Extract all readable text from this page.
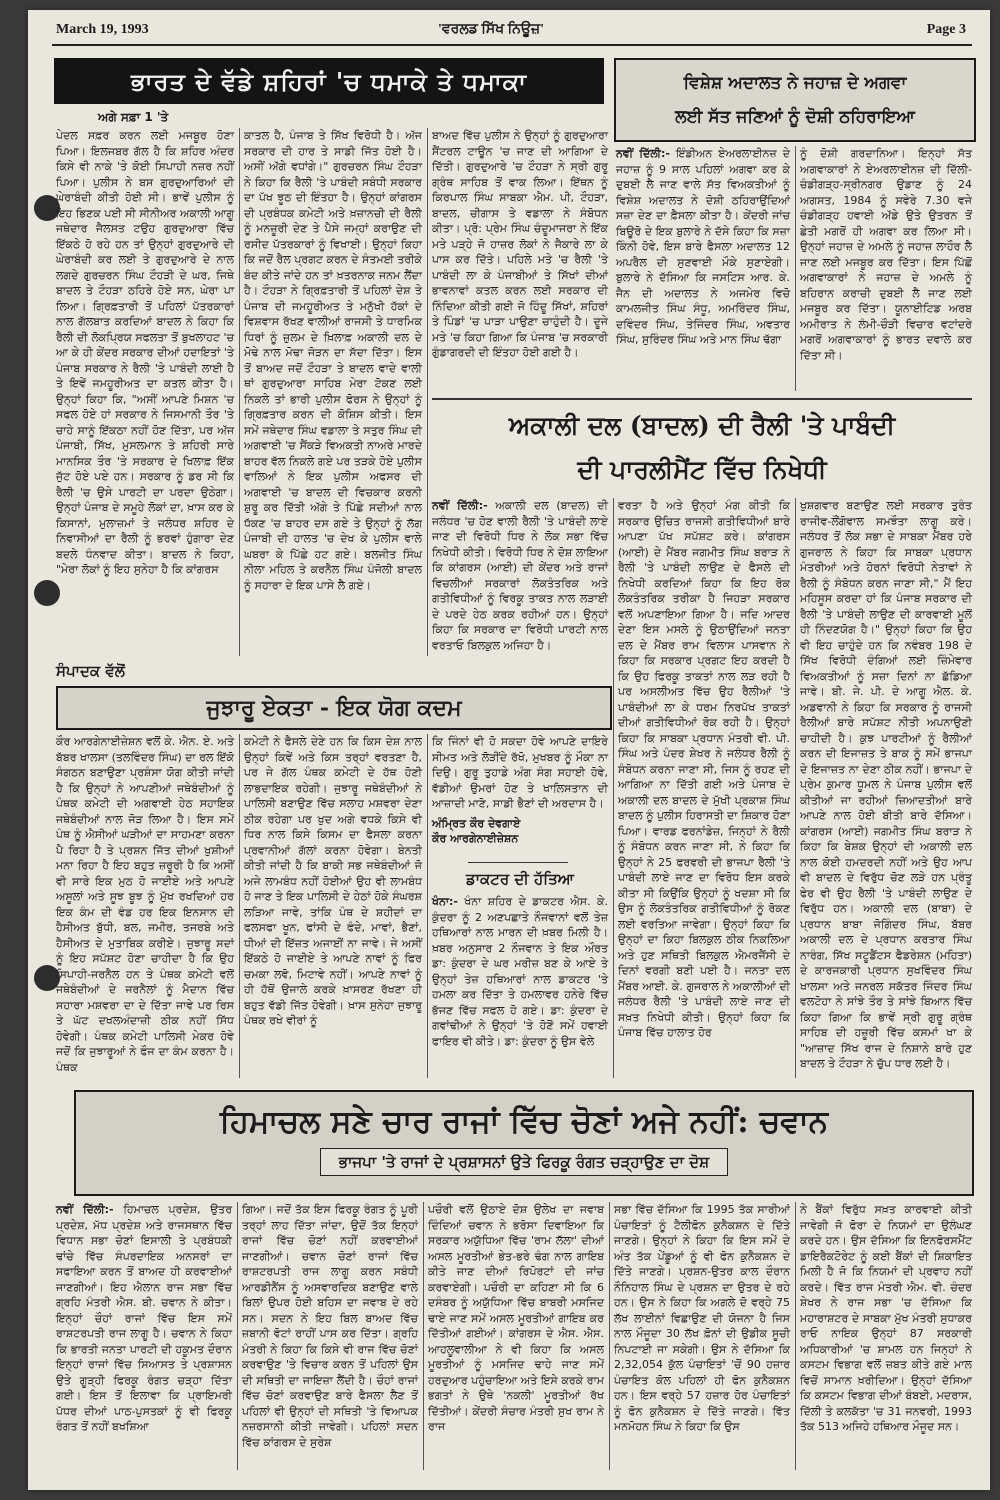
March 19, 1993	'ਵਰਲਡ ਸਿੱਖ ਨਿਊਜ਼'	Page 3
ਭਾਰਤ ਦੇ ਵੱਡੇ ਸ਼ਹਿਰਾਂ 'ਚ ਧਮਾਕੇ ਤੇ ਧਮਾਕਾ
ਅਗੇ ਸਫ਼ਾ 1 'ਤੇ
ਪੇਦਲ ਸਫ਼ਰ ਕਰਨ ਲਈ ਮਜਬੂਰ ਹੋਣਾ ਪਿਆ। ਇਲਜਬਰ ਗੱਲ ਹੈ ਕਿ ਸ਼ਹਿਰ ਅੰਦਰ ਕਿਸੇ ਵੀ ਨਾਕੇ 'ਤੇ ਕੋਈ ਸਿਪਾਹੀ ਨਜ਼ਰ ਨਹੀਂ ਪਿਆ। ਪੁਲੀਸ ਨੇ ਬਸ ਗੁਰਦੁਆਰਿਆਂ ਦੀ ਘੇਰਾਬੰਦੀ ਕੀਤੀ ਹੋਈ ਸੀ। ਭਾਵੇਂ ਪੁਲੀਸ ਨੂੰ ਇਹ ਭਿਣਕ ਪਈ ਸੀ ਸੀਨੀਅਰ ਅਕਾਲੀ ਆਗੂ ਜਥੇਦਾਰ ਜੈਲਸਤ ਟਉਹ ਗੁਰਦੁਆਰਾ ਵਿੱਚ ਇੱਕਠੇ ਹੋ ਰਹੇ ਹਨ ਤਾਂ ਉਨ੍ਹਾਂ ਗੁਰਦੁਆਰੇ ਦੀ ਘੇਰਾਬੰਦੀ ਕਰ ਲਈ ਤੇ ਗੁਰਦੁਆਰੇ ਦੇ ਨਾਲ ਲਗਦੇ ਗੁਰਚਰਨ ਸਿੰਘ ਟੌਹੜੀ ਦੇ ਘਰ, ਜਿਥੇ ਬਾਦਲ ਤੇ ਟੌਹੜਾ ਠਹਿਰੇ ਹੋਏ ਸਨ, ਘੇਰਾ ਪਾ ਲਿਆ। ਗ੍ਰਿਫ਼ਤਾਰੀ ਤੋਂ ਪਹਿਲਾਂ ਪੱਤਰਕਾਰਾਂ ਨਾਲ ਗੱਲਬਾਤ ਕਰਦਿਆਂ ਬਾਦਲ ਨੇ ਕਿਹਾ ਕਿ ਰੈਲੀ ਦੀ ਲੋਕਪ੍ਰਿਯ ਸਫਲਤਾ ਤੋਂ ਬੁਖਲਾਹਟ 'ਚ ਆ ਕੇ ਹੀ ਕੇਂਦਰ ਸਰਕਾਰ ਦੀਆਂ ਹਦਾਇਤਾਂ 'ਤੇ ਪੰਜਾਬ ਸਰਕਾਰ ਨੇ ਰੈਲੀ 'ਤੇ ਪਾਬੰਦੀ ਲਾਈ ਹੈ ਤੇ ਇਵੇਂ ਜਮਹੂਰੀਅਤ ਦਾ ਕਤਲ ਕੀਤਾ ਹੈ। ਉਨ੍ਹਾਂ ਕਿਹਾ ਕਿ, "ਅਸੀਂ ਆਪਣੇ ਮਿਸ਼ਨ 'ਚ ਸਫਲ ਹੋਏ ਹਾਂ ਸਰਕਾਰ ਨੇ ਜਿਸਮਾਨੀ ਤੌਰ 'ਤੇ ਚਾਹੇ ਸਾਨੂੰ ਇੱਕਠਾ ਨਹੀਂ ਹੋਣ ਦਿੱਤਾ, ਪਰ ਅੱਜ ਪੰਜਾਬੀ, ਸਿੱਖ, ਮੁਸਲਮਾਨ ਤੇ ਸ਼ਹਿਰੀ ਸਾਰੇ ਮਾਨਸਿਕ ਤੌਰ 'ਤੇ ਸਰਕਾਰ ਦੇ ਖਿਲਾਫ਼ ਇੱਕ ਜੁੱਟ ਹੋਏ ਪਏ ਹਨ। ਸਰਕਾਰ ਨੂੰ ਡਰ ਸੀ ਕਿ ਰੈਲੀ 'ਚ ਉਸੇ ਪਾਰਟੀ ਦਾ ਪਰਦਾ ਉਠੇਗਾ। ਉਨ੍ਹਾਂ ਪੰਜਾਬ ਦੇ ਸਮੂਹੇ ਲੋਕਾਂ ਦਾ, ਖ਼ਾਸ ਕਰ ਕੇ ਕਿਸਾਨਾਂ, ਮੁਲਾਜ਼ਮਾਂ ਤੇ ਜਲੰਧਰ ਸ਼ਹਿਰ ਦੇ ਨਿਵਾਸੀਆਂ ਦਾ ਰੈਲੀ ਨੂੰ ਭਰਵਾਂ ਹੁੰਗਾਰਾ ਦੇਣ ਬਦਲੇ ਧੰਨਵਾਦ ਕੀਤਾ। ਬਾਦਲ ਨੇ ਕਿਹਾ, "ਮੇਰਾ ਲੋਕਾਂ ਨੂੰ ਇਹ ਸੁਨੇਹਾ ਹੈ ਕਿ ਕਾਂਗਰਸ
ਕਾਤਲ ਹੈ, ਪੰਜਾਬ ਤੇ ਸਿੱਖ ਵਿਰੋਧੀ ਹੈ। ਅੱਜ ਸਰਕਾਰ ਦੀ ਹਾਰ ਤੇ ਸਾਡੀ ਜਿੱਤ ਹੋਈ ਹੈ। ਅਸੀਂ ਅੱਗੇ ਵਧਾਂਗੇ।" ਗੁਰਚਰਨ ਸਿੰਘ ਟੌਹੜਾ ਨੇ ਕਿਹਾ ਕਿ ਰੈਲੀ 'ਤੇ ਪਾਬੰਦੀ ਸਬੰਧੀ ਸਰਕਾਰ ਦਾ ਪੱਖ ਝੂਠ ਦੀ ਇੰਤਹਾ ਹੈ। ਉਨ੍ਹਾਂ ਕਾਂਗਰਸ ਦੀ ਪ੍ਰਬੰਧਕ ਕਮੇਟੀ ਅਤੇ ਖ਼ਜ਼ਾਨਚੀ ਦੀ ਰੈਲੀ ਨੂੰ ਮਨਜ਼ੂਰੀ ਦੇਣ ਤੇ ਪੈਸੇ ਜਮ੍ਹਾਂ ਕਰਾਉਣ ਦੀ ਰਸੀਦ ਪੱਤਰਕਾਰਾਂ ਨੂੰ ਵਿਖਾਈ। ਉਨ੍ਹਾਂ ਕਿਹਾ ਕਿ ਜਦੋਂ ਰੈਲ ਪ੍ਰਗਟ ਕਰਨ ਦੇ ਸੰਤਮਈ ਤਰੀਕੇ ਬੰਦ ਕੀਤੇ ਜਾਂਦੇ ਹਨ ਤਾਂ ਖ਼ਤਰਨਾਕ ਜਨਮ ਲੈਂਦਾ ਹੈ। ਟੌਹੜਾ ਨੇ ਗ੍ਰਿਫ਼ਤਾਰੀ ਤੋਂ ਪਹਿਲਾਂ ਦੇਸ਼ ਤੇ ਪੰਜਾਬ ਦੀ ਜਮਹੂਰੀਅਤ ਤੇ ਮਨੁੱਖੀ ਹੱਕਾਂ ਦੇ ਵਿਸ਼ਵਾਸ ਰੱਖਣ ਵਾਲੀਆਂ ਰਾਜਸੀ ਤੇ ਧਾਰਮਿਕ ਧਿਰਾਂ ਨੂੰ ਜ਼ੁਲਮ ਦੇ ਖ਼ਿਲਾਫ਼ ਅਕਾਲੀ ਦਲ ਦੇ ਮੋਢੇ ਨਾਲ ਮੋਢਾ ਜੋੜਨ ਦਾ ਸੱਦਾ ਦਿੱਤਾ। ਇਸ ਤੋਂ ਬਾਅਦ ਜਦੋਂ ਟੌਹੜਾ ਤੇ ਬਾਦਲ ਵਾਦੇ ਵਾਲੀ ਥਾਂ ਗੁਰਦੁਆਰਾ ਸਾਹਿਬ ਮੇਰਾ ਟੋਕਣ ਲਈ ਨਿਕਲੇ ਤਾਂ ਭਾਰੀ ਪੁਲੀਸ ਫੋਰਸ ਨੇ ਉਨ੍ਹਾਂ ਨੂੰ ਗ੍ਰਿਫ਼ਤਾਰ ਕਰਨ ਦੀ ਕੋਸ਼ਿਸ ਕੀਤੀ। ਇਸ ਸਮੇਂ ਜਥੇਦਾਰ ਸਿੰਘ ਵਡਾਲਾ ਤੇ ਸਤੁਰ ਸਿੰਘ ਦੀ ਅਗਵਾਈ 'ਚ ਸੈਂਕੜੇ ਵਿਅਕਤੀ ਨਾਅਰੇ ਮਾਰਦੇ ਬਾਹਰ ਵੱਲ ਨਿਕਲੇ ਗਏ ਪਰ ਤੜਕੇ ਹੋਏ ਪੁਲੀਸ ਵਾਲਿਆਂ ਨੇ ਇਕ ਪੁਲੀਸ ਅਫਸਰ ਦੀ ਅਗਵਾਈ 'ਚ ਬਾਦਲ ਦੀ ਵਿਚਕਾਰ ਕਰਨੀ ਸ਼ੁਰੂ ਕਰ ਦਿੱਤੀ ਅੱਗੇ ਤੇ ਪਿੱਛੇ ਸਦੀਆਂ ਨਾਲ ਧੱਕਣ 'ਚ ਬਾਹਰ ਦਸ ਗਏ ਤੇ ਉਨ੍ਹਾਂ ਨੂੰ ਲੱਗ ਪੰਜਾਬੀ ਦੀ ਹਾਲਤ 'ਚ ਦੇਖ ਕੇ ਪੁਲੀਸ ਵਾਲੇ ਘਬਰਾ ਕੇ ਪਿੱਛੇ ਹਟ ਗਏ। ਬਲਜੀਤ ਸਿੰਘ ਨੀਲਾ ਮਹਿਲ ਤੇ ਕਰਨੈਲ ਸਿੰਘ ਪੰਜੋਲੀ ਬਾਦਲ ਨੂੰ ਸਹਾਰਾ ਦੇ ਇਕ ਪਾਸੇ ਲੈ ਗਏ।
ਬਾਅਦ ਵਿੱਚ ਪੁਲੀਸ ਨੇ ਉਨ੍ਹਾਂ ਨੂੰ ਗੁਰਦੁਆਰਾ ਸੈਂਟਰਲ ਟਾਊਨ 'ਚ ਜਾਣ ਦੀ ਆਗਿਆ ਦੇ ਦਿੱਤੀ। ਗੁਰਦੁਆਰੇ 'ਚ ਟੌਹੜਾ ਨੇ ਸ੍ਰੀ ਗੁਰੂ ਗ੍ਰੰਥ ਸਾਹਿਬ ਤੋਂ ਵਾਕ ਲਿਆ। ਇੱਥਨ ਨੂੰ ਕਿਰਪਾਲ ਸਿੰਘ ਸਾਬਕਾ ਐਮ. ਪੀ, ਟੌਹੜਾ, ਬਾਦਲ, ਚੀਗਾਸ ਤੇ ਵਡਾਲਾ ਨੇ ਸੰਬੋਧਨ ਕੀਤਾ। ਪ੍ਰੋ: ਪ੍ਰੇਮ ਸਿੰਘ ਚੰਦੂਮਾਜਰਾ ਨੇ ਇੱਕ ਮਤੇ ਪੜ੍ਹੇ ਜੋ ਹਾਜ਼ਰ ਲੋਕਾਂ ਨੇ ਜੈਕਾਰੇ ਲਾ ਕੇ ਪਾਸ ਕਰ ਦਿੱਤੇ। ਪਹਿਲੇ ਮਤੇ 'ਚ ਰੈਲੀ 'ਤੇ ਪਾਬੰਦੀ ਲਾ ਕੇ ਪੰਜਾਬੀਆਂ ਤੇ ਸਿੱਖਾਂ ਦੀਆਂ ਭਾਵਨਾਵਾਂ ਕਤਲ ਕਰਨ ਲਈ ਸਰਕਾਰ ਦੀ ਨਿੰਦਿਆ ਕੀਤੀ ਗਈ ਜੋ ਹਿੰਦੂ ਸਿੱਖਾਂ, ਸ਼ਹਿਰਾਂ ਤੇ ਪਿੰਡਾਂ 'ਚ ਪਾੜਾ ਪਾਉਣਾ ਚਾਹੁੰਦੀ ਹੈ। ਦੂਜੇ ਮਤੇ 'ਚ ਕਿਹਾ ਗਿਆ ਕਿ ਪੰਜਾਬ 'ਚ ਸਰਕਾਰੀ ਗੁੰਡਾਗਰਦੀ ਦੀ ਇੰਤਹਾ ਹੋਈ ਗਈ ਹੈ।
ਵਿਸ਼ੇਸ਼ ਅਦਾਲਤ ਨੇ ਜਹਾਜ਼ ਦੇ ਅਗਵਾ
ਲਈ ਸੱਤ ਜਣਿਆਂ ਨੂੰ ਦੋਸ਼ੀ ਠਹਿਰਾਇਆ
ਨਵੀਂ ਦਿੱਲੀ:- ਇੰਡੀਅਨ ਏਅਰਲਾਈਨਜ਼ ਦੇ ਜਹਾਜ਼ ਨੂੰ 9 ਸਾਲ ਪਹਿਲਾਂ ਅਗਵਾ ਕਰ ਕੇ ਦੁਬਈ ਲੈ ਜਾਣ ਵਾਲੇ ਸੱਤ ਵਿਅਕਤੀਆਂ ਨੂੰ ਵਿਸ਼ੇਸ਼ ਅਦਾਲਤ ਨੇ ਦੋਸ਼ੀ ਠਹਿਰਾਉਂਦਿਆਂ ਸਜ਼ਾ ਦੇਣ ਦਾ ਫ਼ੈਸਲਾ ਕੀਤਾ ਹੈ। ਕੇਂਦਰੀ ਜਾਂਚ ਬਿਊਰੋ ਦੇ ਇਕ ਬੁਲਾਰੇ ਨੇ ਦੱਸੇ ਕਿਹਾ ਕਿ ਸਜ਼ਾ ਕਿੰਨੀ ਹੋਵੇ, ਇਸ ਬਾਰੇ ਫੈਸਲਾ ਅਦਾਲਤ 12 ਅਪਰੈਲ ਦੀ ਸੁਣਵਾਈ ਮੌਕੇ ਸੁਣਾਏਗੀ। ਬੁਲਾਰੇ ਨੇ ਦੱਸਿਆ ਕਿ ਜਸਟਿਸ ਆਰ. ਕੇ. ਜੈਨ ਦੀ ਅਦਾਲਤ ਨੇ ਅਜਮੇਰ ਵਿਚੋ ਕਾਮਲਜੀਤ ਸਿੰਘ ਸੰਧੂ, ਅਮਰਿੰਦਰ ਸਿੰਘ, ਦਵਿੰਦਰ ਸਿੰਘ, ਤੇਜਿੰਦਰ ਸਿੰਘ, ਅਵਤਾਰ ਸਿੰਘ, ਸੁਰਿੰਦਰ ਸਿੰਘ ਅਤੇ ਮਾਨ ਸਿੰਘ ਢੱਗਾ
ਨੂੰ ਦੋਸ਼ੀ ਗਰਦਾਨਿਆ। ਇਨ੍ਹਾਂ ਸੱਤ ਅਗਵਾਕਾਰਾਂ ਨੇ ਏਅਰਲਾਈਨਜ਼ ਦੀ ਦਿੱਲੀ-ਚੰਡੀਗੜ੍ਹ-ਸ੍ਰੀਨਗਰ ਉਡਾਣ ਨੂੰ 24 ਅਗਸਤ, 1984 ਨੂੰ ਸਵੇਰੇ 7.30 ਵਜੇ ਚੰਡੀਗੜ੍ਹ ਹਵਾਈ ਅੱਡੇ ਉਤੇ ਉਤਰਨ ਤੋਂ ਛੇਤੀ ਮਗਰੋਂ ਹੀ ਅਗਵਾ ਕਰ ਲਿਆ ਸੀ। ਉਨ੍ਹਾਂ ਜਹਾਜ਼ ਦੇ ਅਮਲੇ ਨੂੰ ਜਹਾਜ਼ ਲਾਹੌਰ ਲੈ ਜਾਣ ਲਈ ਮਜਬੂਰ ਕਰ ਦਿੱਤਾ। ਇਸ ਪਿੱਛੋਂ ਅਗਵਾਕਾਰਾਂ ਨੇ ਜਹਾਜ਼ ਦੇ ਅਮਲੇ ਨੂੰ ਬਹਿਰਾਨ ਕਰਾਚੀ ਦੁਬਈ ਲੈ ਜਾਣ ਲਈ ਮਜਬੂਰ ਕਰ ਦਿੱਤਾ। ਯੂਨਾਈਟਿਡ ਅਰਬ ਅਮੀਰਾਤ ਨੇ ਲੰਮੀ-ਚੌੜੀ ਵਿਚਾਰ ਵਟਾਂਦਰੇ ਮਗਰੋਂ ਅਗਵਾਕਾਰਾਂ ਨੂੰ ਭਾਰਤ ਦਵਾਲੇ ਕਰ ਦਿੱਤਾ ਸੀ।
ਅਕਾਲੀ ਦਲ (ਬਾਦਲ) ਦੀ ਰੈਲੀ 'ਤੇ ਪਾਬੰਦੀ
ਦੀ ਪਾਰਲੀਮੈਂਟ ਵਿੱਚ ਨਿਖੇਧੀ
ਨਵੀਂ ਦਿੱਲੀ:- ਅਕਾਲੀ ਦਲ (ਬਾਦਲ) ਦੀ ਜਲੰਧਰ 'ਚ ਹੋਣ ਵਾਲੀ ਰੈਲੀ 'ਤੇ ਪਾਬੰਦੀ ਲਾਏ ਜਾਣ ਦੀ ਵਿਰੋਧੀ ਧਿਰ ਨੇ ਲੋਕ ਸਭਾ ਵਿੱਚ ਨਿਖੇਧੀ ਕੀਤੀ। ਵਿਰੋਧੀ ਧਿਰ ਨੇ ਦੋਸ਼ ਲਾਇਆ ਕਿ ਕਾਂਗਰਸ (ਆਈ) ਦੀ ਕੇਂਦਰ ਅਤੇ ਰਾਜਾਂ ਵਿਚਲੀਆਂ ਸਰਕਾਰਾਂ ਲੋਕਤੰਤਰਿਕ ਅਤੇ ਗਤੀਵਿਧੀਆਂ ਨੂੰ ਵਿਰਕੂ ਤਾਕਤ ਨਾਲ ਲੜਾਈ ਦੇ ਪਰਦੇ ਹੇਠ ਕਰਕ ਰਹੀਆਂ ਹਨ। ਉਨ੍ਹਾਂ ਕਿਹਾ ਕਿ ਸਰਕਾਰ ਦਾ ਵਿਰੋਧੀ ਪਾਰਟੀ ਨਾਲ ਵਰਤਾਓ ਬਿਲਕੁਲ ਅਜਿਹਾ ਹੈ।
ਵਰਤਾ ਹੈ ਅਤੇ ਉਨ੍ਹਾਂ ਮੰਗ ਕੀਤੀ ਕਿ ਸਰਕਾਰ ਉਚਿਤ ਰਾਜਸੀ ਗਤੀਵਿਧੀਆਂ ਬਾਰੇ ਆਪਣਾ ਪੱਖ ਸਪੱਸ਼ਟ ਕਰੇ। ਕਾਂਗਰਸ (ਆਈ) ਦੇ ਮੈਂਬਰ ਜਗਮੀਤ ਸਿੰਘ ਬਰਾੜ ਨੇ ਰੈਲੀ 'ਤੇ ਪਾਬੰਦੀ ਲਾਉਣ ਦੇ ਫੈਸਲੇ ਦੀ ਨਿਖੇਧੀ ਕਰਦਿਆਂ ਕਿਹਾ ਕਿ ਇਹ ਰੋਕ ਲੋਕਤੰਤਰਿਕ ਤਰੀਕਾ ਹੈ ਜਿਹੜਾ ਸਰਕਾਰ ਵਲੋਂ ਅਪਣਾਇਆ ਗਿਆ ਹੈ। ਜਦਿ ਆਦਰ ਦੇਣਾ ਇਸ ਮਸਲੇ ਨੂੰ ਉਠਾਉਂਦਿਆਂ ਜਨਤਾ ਦਲ ਦੇ ਮੈਂਬਰ ਰਾਮ ਵਿਲਾਸ ਪਾਸਵਾਨ ਨੇ ਕਿਹਾ ਕਿ ਸਰਕਾਰ ਪ੍ਰਗਟ ਇਹ ਕਰਦੀ ਹੈ ਕਿ ਉਹ ਫਿਰਕੂ ਤਾਕਤਾਂ ਨਾਲ ਲੜ ਰਹੀ ਹੈ ਪਰ ਅਸਲੀਅਤ ਵਿੱਚ ਉਹ ਰੈਲੀਆਂ 'ਤੇ ਪਾਬੰਦੀਆਂ ਲਾ ਕੇ ਧਰਮ ਨਿਰਪੱਖ ਤਾਕਤਾਂ ਦੀਆਂ ਗਤੀਵਿਧੀਆਂ ਰੋਕ ਰਹੀ ਹੈ। ਉਨ੍ਹਾਂ ਕਿਹਾ ਕਿ ਸਾਬਕਾ ਪ੍ਰਧਾਨ ਮੰਤਰੀ ਵੀ. ਪੀ. ਸਿੰਘ ਅਤੇ ਪੰਦਰ ਸ਼ੇਖਰ ਨੇ ਜਲੰਧਰ ਰੈਲੀ ਨੂੰ ਸੰਬੋਧਨ ਕਰਨਾ ਜਾਣਾ ਸੀ, ਜਿਸ ਨੂੰ ਰਹਣ ਦੀ ਆਗਿਆ ਨਾ ਦਿੱਤੀ ਗਈ ਅਤੇ ਪੰਜਾਬ ਦੇ ਅਕਾਲੀ ਦਲ ਬਾਦਲ ਦੇ ਮੁੱਖੀ ਪ੍ਰਕਾਸ਼ ਸਿੰਘ ਬਾਦਲ ਨੂੰ ਪੁਲੀਸ ਹਿਰਾਸਤੀ ਦਾ ਸ਼ਿਕਾਰ ਹੋਣਾ ਪਿਆ। ਵਾਰਡ ਫਰਨਾਂਡੇਜ਼, ਜਿਨ੍ਹਾਂ ਨੇ ਰੈਲੀ ਨੂੰ ਸੰਬੋਧਨ ਕਰਨ ਜਾਣਾ ਸੀ, ਨੇ ਕਿਹਾ ਕਿ ਉਨ੍ਹਾਂ ਨੇ 25 ਫਰਵਰੀ ਦੀ ਭਾਜਪਾ ਰੈਲੀ 'ਤੇ ਪਾਬੰਦੀ ਲਾਏ ਜਾਣ ਦਾ ਵਿਰੋਧ ਇਸ ਕਰਕੇ ਕੀਤਾ ਸੀ ਕਿਉਂਕਿ ਉਨ੍ਹਾਂ ਨੂੰ ਖਦਸ਼ਾ ਸੀ ਕਿ ਉਸ ਨੂੰ ਲੋਕਤੰਤਰਿਕ ਗਤੀਵਿਧੀਆਂ ਨੂੰ ਰੋਕਣ ਲਈ ਵਰਤਿਆ ਜਾਵੇਗਾ। ਉਨ੍ਹਾਂ ਕਿਹਾ ਕਿ ਉਨ੍ਹਾਂ ਦਾ ਕਿਹਾ ਬਿਲਕੁਲ ਠੀਕ ਨਿਕਲਿਆ ਅਤੇ ਹੁਣ ਸਥਿਤੀ ਬਿਲਕੁਲ ਐਮਰਜੈਂਸੀ ਦੇ ਦਿਨਾਂ ਵਰਗੀ ਬਣੀ ਪਈ ਹੈ। ਜਨਤਾ ਦਲ ਮੈਂਬਰ ਆਈ. ਕੇ. ਗੁਜਰਾਲ ਨੇ ਅਕਾਲੀਆਂ ਦੀ ਜਲੰਧਰ ਰੈਲੀ 'ਤੇ ਪਾਬੰਦੀ ਲਾਏ ਜਾਣ ਦੀ ਸਖ਼ਤ ਨਿਖੇਧੀ ਕੀਤੀ। ਉਨ੍ਹਾਂ ਕਿਹਾ ਕਿ ਪੰਜਾਬ ਵਿੱਚ ਹਾਲਾਤ ਹੋਰ
ਖੁਸ਼ਗਵਾਰ ਬਣਾਉਣ ਲਈ ਸਰਕਾਰ ਤੁਰੰਤ ਰਾਜੀਵ-ਲੌਂਗੋਵਾਲ ਸਮਝੌਤਾ ਲਾਗੂ ਕਰੇ। ਜਲੰਧਰ ਤੋਂ ਲੋਕ ਸਭਾ ਦੇ ਸਾਬਕਾ ਮੈਂਬਰ ਹਰੇ ਗੁਜਰਾਲ ਨੇ ਕਿਹਾ ਕਿ ਸਾਬਕਾ ਪ੍ਰਧਾਨ ਮੰਤਰੀਆਂ ਅਤੇ ਹੋਰਨਾਂ ਵਿਰੋਧੀ ਨੇਤਾਵਾਂ ਨੇ ਰੈਲੀ ਨੂੰ ਸੰਬੋਧਨ ਕਰਨ ਜਾਣਾ ਸੀ," ਮੈਂ ਇਹ ਮਹਿਸੂਸ ਕਰਦਾ ਹਾਂ ਕਿ ਪੰਜਾਬ ਸਰਕਾਰ ਦੀ ਰੈਲੀ 'ਤੇ ਪਾਬੰਦੀ ਲਾਉਣ ਦੀ ਕਾਰਵਾਈ ਮੂਲੋਂ ਹੀ ਨਿੰਦਣਯੋਗ ਹੈ।" ਉਨ੍ਹਾਂ ਕਿਹਾ ਕਿ ਉਹ ਵੀ ਇਹ ਚਾਹੁੰਦੇ ਹਨ ਕਿ ਨਵੰਬਰ 198 ਦੇ ਸਿੱਖ ਵਿਰੋਧੀ ਦੰਗਿਆਂ ਲਈ ਜ਼ਿੰਮੇਵਾਰ ਵਿਅਕਤੀਆਂ ਨੂੰ ਸਜ਼ਾ ਦਿਨਾਂ ਨਾ ਛੱਡਿਆ ਜਾਵੇ। ਬੀ. ਜੇ. ਪੀ. ਦੇ ਆਗੂ ਐਲ. ਕੇ. ਅਡਵਾਨੀ ਨੇ ਕਿਹਾ ਕਿ ਸਰਕਾਰ ਨੂੰ ਰਾਜਸੀ ਰੈਲੀਆਂ ਬਾਰੇ ਸਪੱਸ਼ਟ ਨੀਤੀ ਅਪਨਾਉਣੀ ਚਾਹੀਦੀ ਹੈ। ਕੁਝ ਪਾਰਟੀਆਂ ਨੂੰ ਰੈਲੀਆਂ ਕਰਨ ਦੀ ਇਜਾਜ਼ਤ ਤੇ ਬਾਕ ਨੂੰ ਸਮੇਂ ਭਾਜਪਾ ਦੇ ਇਜਾਜ਼ਤ ਨਾ ਦੇਣਾ ਠੀਕ ਨਹੀਂ। ਭਾਜਪਾ ਦੇ ਪ੍ਰੇਮ ਕੁਮਾਰ ਧੂਮਲ ਨੇ ਪੰਜਾਬ ਪੁਲੀਸ ਵਲੋਂ ਕੀਤੀਆਂ ਜਾ ਰਹੀਆਂ ਜ਼ਿਆਦਤੀਆਂ ਬਾਰੇ ਆਪਣੇ ਨਾਲ ਹੋਈ ਬੀਤੀ ਬਾਰੇ ਦੱਸਿਆ। ਕਾਂਗਰਸ (ਆਈ) ਜਗਮੀਤ ਸਿੰਘ ਬਰਾੜ ਨੇ ਕਿਹਾ ਕਿ ਬੇਸ਼ਕ ਉਨ੍ਹਾਂ ਦੀ ਅਕਾਲੀ ਦਲ ਨਾਲ ਕੋਈ ਹਮਦਰਦੀ ਨਹੀਂ ਅਤੇ ਉਹ ਆਪ ਵੀ ਬਾਦਲ ਦੇ ਵਿਰੁੱਧ ਚੋਣ ਲੜੇ ਹਨ ਪ੍ਰੰਤੂ ਫੇਰ ਵੀ ਉਹ ਰੈਲੀ 'ਤੇ ਪਾਬੰਦੀ ਲਾਉਣ ਦੇ ਵਿਰੁੱਧ ਹਨ। ਅਕਾਲੀ ਦਲ (ਬਾਬਾ) ਦੇ ਪ੍ਰਧਾਨ ਬਾਬਾ ਜੋਗਿੰਦਰ ਸਿੰਘ, ਬੱਬਰ ਅਕਾਲੀ ਦਲ ਦੇ ਪ੍ਰਧਾਨ ਕਰਤਾਰ ਸਿੰਘ ਨਾਰੰਗ, ਸਿੱਖ ਸਟੂਡੈਂਟਸ ਫੈਡਰੇਸ਼ਨ (ਮਹਿਤਾ) ਦੇ ਕਾਰਜਕਾਰੀ ਪ੍ਰਧਾਨ ਸੁਖਵਿੰਦਰ ਸਿੰਘ ਖਾਲਸਾ ਅਤੇ ਜਨਰਲ ਸਕੱਤਰ ਜਿੰਦਰ ਸਿੰਘ ਵਲਟੋਹਾ ਨੇ ਸਾਂਝੇ ਤੌਰ ਤੇ ਸਾਂਝੇ ਬਿਆਨ ਵਿੱਚ ਕਿਹਾ ਗਿਆ ਕਿ ਭਾਵੇਂ ਸ੍ਰੀ ਗੁਰੂ ਗ੍ਰੰਥ ਸਾਹਿਬ ਦੀ ਹਜ਼ੂਰੀ ਵਿੱਚ ਕਸਮਾਂ ਖਾ ਕੇ "ਆਜ਼ਾਦ ਸਿੱਖ ਰਾਜ ਦੇ ਨਿਸ਼ਾਨੇ ਬਾਰੇ ਹੁਣ ਬਾਦਲ ਤੇ ਟੌਹੜਾ ਨੇ ਚੁੱਪ ਧਾਰ ਲਈ ਹੈ।
ਸੰਪਾਦਕ ਵੱਲੋਂ
ਜੁਝਾਰੂ ਏਕਤਾ - ਇਕ ਯੋਗ ਕਦਮ
ਕੌਰ ਆਰਗੇਨਾਈਜ਼ੇਸ਼ਨ ਵਲੋਂ ਕੇ. ਐਨ. ਏ. ਅਤੇ ਬੱਬਰ ਖਾਲਸਾ (ਤਲਵਿੰਦਰ ਸਿੰਘ) ਦਾ ਰਲ ਇੱਕੋ ਸੰਗਠਨ ਬਣਾਉਣਾ ਪ੍ਰਸ਼ੰਸਾ ਯੋਗ ਕੀਤੀ ਜਾਂਦੀ ਹੈ ਕਿ ਉਨ੍ਹਾਂ ਨੇ ਆਪਣੀਆਂ ਜਥੇਬੰਦੀਆਂ ਨੂੰ ਪੰਥਕ ਕਮੇਟੀ ਦੀ ਅਗਵਾਈ ਹੇਠ ਸਹਾਇਕ ਜਥੇਬੰਦੀਆਂ ਨਾਲ ਜੋੜ ਲਿਆ ਹੈ। ਇਸ ਸਮੇਂ ਪੰਥ ਨੂੰ ਐਸੀਆਂ ਘੜੀਆਂ ਦਾ ਸਾਹਮਣਾ ਕਰਨਾ ਪੈ ਰਿਹਾ ਹੈ ਤੇ ਪ੍ਰਸ਼ਨ ਜਿੱਤ ਦੀਆਂ ਖੁਸ਼ੀਆਂ ਮਨਾ ਰਿਹਾ ਹੈ ਇਹ ਬਹੁਤ ਜ਼ਰੂਰੀ ਹੈ ਕਿ ਅਸੀਂ ਵੀ ਸਾਰੇ ਇਕ ਮੁਠ ਹੋ ਜਾਈਏ ਅਤੇ ਆਪਣੇ ਅਸੂਲਾਂ ਅਤੇ ਸੂਝ ਬੂਝ ਨੂੰ ਮੁੱਖ ਰਖਦਿਆਂ ਹਰ ਇਕ ਕੰਮ ਦੀ ਵੰਡ ਹਰ ਇਕ ਇਨਸਾਨ ਦੀ ਹੈਸੀਅਤ ਬੁੱਧੀ, ਬਲ, ਜਮੀਰ, ਤਜਰਬੇ ਅਤੇ ਹੈਸੀਅਤ ਦੇ ਮੁਤਾਬਿਕ ਕਰੀਏ। ਜੁਝਾਰੂ ਸਦਾਂ ਨੂੰ ਇਹ ਸਪੱਸ਼ਟ ਹੋਣਾ ਚਾਹੀਦਾ ਹੈ ਕਿ ਉਹ ਸਿਪਾਹੀ-ਜਰਨੈਲ ਹਨ ਤੇ ਪੰਥਕ ਕਮੇਟੀ ਵਲੋਂ ਜਥੇਬੰਦੀਆਂ ਦੇ ਜਰਨੈਲਾਂ ਨੂੰ ਮੈਦਾਨ ਵਿੱਚ ਸਹਾਰਾ ਮਸ਼ਵਰਾ ਦਾ ਦੇ ਦਿੱਤਾ ਜਾਵੇ ਪਰ ਰਿਸ ਤੇ ਘੱਟ ਦਖਲਅੰਦਾਜ਼ੀ ਠੀਕ ਨਹੀਂ ਸਿੱਧ ਹੋਵੇਗੀ। ਪੰਥਕ ਕਮੇਟੀ ਪਾਲਿਸੀ ਮੇਕਰ ਹੋਵੇ ਜਦੋਂ ਕਿ ਜੁਝਾਰੂਆਂ ਨੇ ਫੌਜ ਦਾ ਕੰਮ ਕਰਨਾ ਹੈ। ਪੰਥਕ
ਕਮੇਟੀ ਨੇ ਫੈਸਲੇ ਦੇਣੇ ਹਨ ਕਿ ਕਿਸ ਦੇਸ਼ ਨਾਲ ਉਨ੍ਹਾਂ ਕਿਵੇਂ ਅਤੇ ਕਿਸ ਤਰ੍ਹਾਂ ਵਰਤਣਾ ਹੈ, ਪਰ ਜੇ ਗੱਲ ਪੰਥਕ ਕਮੇਟੀ ਦੇ ਹੱਥ ਹੋਣੀ ਲਾਭਦਾਇਕ ਰਹੇਗੀ। ਜੁਝਾਰੂ ਜਥੇਬੰਦੀਆਂ ਨੇ ਪਾਲਿਸੀ ਬਣਾਉਣ ਵਿੱਚ ਸਲਾਹ ਮਸ਼ਵਰਾ ਦੇਣਾ ਠੀਕ ਰਹੇਗਾ ਪਰ ਖੁਦ ਅਗੇ ਵਧਕੇ ਕਿਸੇ ਵੀ ਧਿਰ ਨਾਲ ਕਿਸੇ ਕਿਸਮ ਦਾ ਫੈਸਲਾ ਕਰਨਾ ਪ੍ਰਵਾਨੀਆਂ ਗੱਲਾਂ ਕਰਨਾ ਹੋਵੇਗਾ। ਬੇਨਤੀ ਕੀਤੀ ਜਾਂਦੀ ਹੈ ਕਿ ਬਾਕੀ ਸਭ ਜਥੇਬੰਦੀਆਂ ਜੋ ਅਜੇ ਲਾਮਬੰਧ ਨਹੀਂ ਹੋਈਆਂ ਉਹ ਵੀ ਲਾਮਬੰਧ ਹੋ ਜਾਣ ਤੇ ਇਕ ਪਾਲਿਸੀ ਦੇ ਹੇਠਾਂ ਹੋਕੇ ਸੰਘਰਸ਼ ਲੜਿਆ ਜਾਵੇ, ਤਾਂਕਿ ਪੰਥ ਦੇ ਸ਼ਹੀਦਾਂ ਦਾ ਫਲਸਫਾ ਖੂਨ, ਫਾਂਸੀ ਦੇ ਫੰਦੇ, ਮਾਵਾਂ, ਭੈਣਾਂ, ਧੀਆਂ ਦੀ ਇੱਜ਼ਤ ਅਜਾਈਂ ਨਾ ਜਾਵੇ। ਜੇ ਅਸੀਂ ਇੱਕਠੇ ਹੋ ਜਾਈਏ ਤੇ ਆਪਣੇ ਨਾਵਾਂ ਨੂੰ ਫਿਰ ਚਮਕਾ ਲਵੋ, ਮਿਟਾਵੇ ਨਹੀਂ। ਆਪਣੇ ਨਾਵਾਂ ਨੂੰ ਹੀ ਹੱਥੋਂ ਉਜਾਲੇ ਕਰਕੇ ਖ਼ਾਸਰਣ ਰੱਖਣਾ ਹੀ ਬਹੁਤ ਵੱਡੀ ਜਿੱਤ ਹੋਵੇਗੀ। ਖ਼ਾਸ ਸੁਨੇਹਾ ਜੁਝਾਰੂ ਪੰਥਕ ਰਖੇ ਵੀਰਾਂ ਨੂੰ
ਕਿ ਜਿੰਨਾਂ ਵੀ ਹੋ ਸਕਦਾ ਹੋਵੇ ਆਪਣੇ ਦਾਇਰੇ ਸੀਮਤ ਅਤੇ ਲੋੜੀਂਦੇ ਰੱਖੋ, ਮੁਖਬਰ ਨੂੰ ਮੌਕਾ ਨਾ ਦਿਉ। ਗੁਰੂ ਤੁਹਾਡੇ ਅੰਗ ਸੰਗ ਸਹਾਈ ਹੋਵੇ, ਵੱਡੀਆਂ ਉਮਰਾਂ ਹੋਣ ਤੇ ਖਾਲਿਸਤਾਨ ਦੀ ਆਜ਼ਾਦੀ ਮਾਣੋ, ਸਾਡੀ ਭੈਣਾਂ ਦੀ ਅਰਦਾਸ ਹੈ।
ਅੰਮ੍ਰਿਤ ਕੌਰ ਦੇਵਗਾਏ
ਕੌਰ ਆਰਗੇਨਾਈਜ਼ੇਸ਼ਨ
ਡਾਕਟਰ ਦੀ ਹੱਤਿਆ
ਖੰਨਾ:- ਖੰਨਾ ਸ਼ਹਿਰ ਦੇ ਡਾਕਟਰ ਐਸ. ਕੇ. ਕੁੰਦਰਾ ਨੂੰ 2 ਅਣਪਛਾਤੇ ਨੌਜਵਾਨਾਂ ਵਲੋਂ ਤੇਜ਼ ਹਥਿਆਰਾਂ ਨਾਲ ਮਾਰਨ ਦੀ ਖ਼ਬਰ ਮਿਲੀ ਹੈ। ਖ਼ਬਰ ਅਨੁਸਾਰ 2 ਨੌਜਵਾਨ ਤੇ ਇਕ ਔਰਤ ਡਾ: ਕੁੰਦਰਾ ਦੇ ਘਰ ਮਰੀਜ਼ ਬਣ ਕੇ ਆਏ ਤੇ ਉਨ੍ਹਾਂ ਤੇਜ਼ ਹਥਿਆਰਾਂ ਨਾਲ ਡਾਕਟਰ 'ਤੇ ਹਮਲਾ ਕਰ ਦਿੱਤਾ ਤੇ ਹਮਲਾਵਰ ਹਨੇਰੇ ਵਿੱਚ ਭੱਜਣ ਵਿੱਚ ਸਫਲ ਹੋ ਗਏ। ਡਾ: ਕੁੰਦਰਾ ਦੇ ਗਵਾਂਢੀਆਂ ਨੇ ਉਨ੍ਹਾਂ 'ਤੇ ਹੋਣੋਂ ਸਮੇਂ ਹਵਾਈ ਫਾਇਰ ਵੀ ਕੀਤੇ। ਡਾ: ਕੁੰਦਰਾ ਨੂੰ ਉਸ ਵੇਲੇ
ਹਿਮਾਚਲ ਸਣੇ ਚਾਰ ਰਾਜਾਂ ਵਿੱਚ ਚੋਣਾਂ ਅਜੇ ਨਹੀਂ: ਚਵਾਨ
ਭਾਜਪਾ 'ਤੇ ਰਾਜਾਂ ਦੇ ਪ੍ਰਸ਼ਾਸਨਾਂ ਉਤੇ ਫਿਰਕੂ ਰੰਗਤ ਚੜ੍ਹਾਉਣ ਦਾ ਦੋਸ਼
ਨਵੀਂ ਦਿੱਲੀ:- ਹਿਮਾਚਲ ਪ੍ਰਦੇਸ਼, ਉਤਰ ਪ੍ਰਦੇਸ਼, ਮੱਧ ਪ੍ਰਦੇਸ਼ ਅਤੇ ਰਾਜਸਥਾਨ ਵਿੱਚ ਵਿਧਾਨ ਸਭਾ ਚੋਣਾਂ ਇਸਾਲੀ ਤੇ ਪ੍ਰਬੰਧਕੀ ਢਾਂਚੇ ਵਿੱਚ ਸੰਪਰਦਾਇਕ ਅਨਸਰਾਂ ਦਾ ਸਫਾਇਆ ਕਰਨ ਤੋਂ ਬਾਅਦ ਹੀ ਕਰਵਾਈਆਂ ਜਾਣਗੀਆਂ। ਇਹ ਐਲਾਨ ਰਾਜ ਸਭਾ ਵਿੱਚ ਗ੍ਰਹਿ ਮੰਤਰੀ ਐਸ. ਬੀ. ਚਵਾਨ ਨੇ ਕੀਤਾ। ਇਨ੍ਹਾਂ ਚੌਹਾਂ ਰਾਜਾਂ ਵਿੱਚ ਇਸ ਸਮੇਂ ਰਾਸ਼ਟਰਪਤੀ ਰਾਜ ਲਾਗੂ ਹੈ। ਚਵਾਨ ਨੇ ਕਿਹਾ ਕਿ ਭਾਰਤੀ ਜਨਤਾ ਪਾਰਟੀ ਦੀ ਹਕੂਮਤ ਦੌਰਾਨ ਇਨ੍ਹਾਂ ਰਾਜਾਂ ਵਿੱਚ ਸਿਆਸਤ ਤੇ ਪ੍ਰਸ਼ਾਸਨ ਉਤੇ ਗੂੜ੍ਹੀ ਫਿਰਕੂ ਰੰਗਤ ਚੜ੍ਹਾ ਦਿੱਤਾ ਗਈ। ਇਸ ਤੋਂ ਇਲਾਵਾ ਕਿ ਪ੍ਰਾਇਮਰੀ ਪੱਧਰ ਦੀਆਂ ਪਾਠ-ਪੁਸਤਕਾਂ ਨੂੰ ਵੀ ਫਿਰਕੂ ਰੰਗਤ ਤੋਂ ਨਹੀਂ ਬਖਸ਼ਿਆ
ਗਿਆ। ਜਦੋਂ ਤੱਕ ਇਸ ਫਿਰਕੂ ਰੰਗਤ ਨੂੰ ਪੂਰੀ ਤਰ੍ਹਾਂ ਲਾਹ ਦਿੱਤਾ ਜਾਂਦਾ, ਉਦੋਂ ਤੱਕ ਇਨ੍ਹਾਂ ਰਾਜਾਂ ਵਿੱਚ ਚੋਣਾਂ ਨਹੀਂ ਕਰਵਾਈਆਂ ਜਾਣਗੀਆਂ। ਚਵਾਨ ਚੋਣਾਂ ਰਾਜਾਂ ਵਿੱਚ ਰਾਸ਼ਟਰਪਤੀ ਰਾਜ ਲਾਗੂ ਕਰਨ ਸਬੰਧੀ ਆਰਡੀਨੈਂਸ ਨੂੰ ਅਸਵਾਰਦਿਕ ਬਣਾਉਣ ਵਾਲੇ ਬਿਲਾਂ ਉਪਰ ਹੋਈ ਬਹਿਸ ਦਾ ਜਵਾਬ ਦੇ ਰਹੇ ਸਨ। ਸਦਨ ਨੇ ਇਹ ਬਿਲ ਬਾਅਦ ਵਿੱਚ ਜ਼ਬਾਨੀ ਵੋਟਾਂ ਰਾਹੀਂ ਪਾਸ ਕਰ ਦਿੱਤਾ। ਗ੍ਰਹਿ ਮੰਤਰੀ ਨੇ ਕਿਹਾ ਕਿ ਕਿਸੇ ਵੀ ਰਾਜ ਵਿੱਚ ਚੋਣਾਂ ਕਰਵਾਉਣ 'ਤੇ ਵਿਚਾਰ ਕਰਨ ਤੋਂ ਪਹਿਲਾਂ ਉਸ ਦੀ ਸਥਿਤੀ ਦਾ ਜਾਇਜ਼ਾ ਲੈਂਦੀ ਹੈ। ਚੌਹਾਂ ਰਾਜਾਂ ਵਿੱਚ ਚੋਣਾਂ ਕਰਵਾਉਣ ਬਾਰੇ ਫੈਸਲਾ ਲੈਣ ਤੋਂ ਪਹਿਲਾਂ ਵੀ ਉਨ੍ਹਾਂ ਦੀ ਸਥਿਤੀ 'ਤੇ ਵਿਆਪਕ ਨਜ਼ਰਸਾਨੀ ਕੀਤੀ ਜਾਵੇਗੀ। ਪਹਿਲਾਂ ਸਦਨ ਵਿੱਚ ਕਾਂਗਰਸ ਦੇ ਸੁਰੇਸ਼
ਪਚੌਰੀ ਵਲੋਂ ਉਠਾਏ ਦੋਸ਼ ਉਲੇਖ ਦਾ ਜਵਾਬ ਦਿੰਦਿਆਂ ਚਵਾਨ ਨੇ ਭਰੋਸਾ ਦਿਵਾਇਆ ਕਿ ਸਰਕਾਰ ਅਯੁੱਧਿਆ ਵਿੱਚ 'ਰਾਮ ਲੱਲਾ' ਦੀਆਂ ਅਸਲ ਮੂਰਤੀਆਂ ਭੇਤ-ਭਰੇ ਢੰਗ ਨਾਲ ਗਾਇਬ ਕੀਤੇ ਜਾਣ ਦੀਆਂ ਰਿਪੋਰਟਾਂ ਦੀ ਜਾਂਚ ਕਰਵਾਏਗੀ। ਪਚੌਰੀ ਦਾ ਕਹਿਣਾ ਸੀ ਕਿ 6 ਦਸੰਬਰ ਨੂੰ ਅਯੁੱਧਿਆ ਵਿੱਚ ਬਾਬਰੀ ਮਸਜਿਦ ਢਾਏ ਜਾਣ ਸਮੇਂ ਅਸਲ ਮੂਰਤੀਆਂ ਗਾਇਬ ਕਰ ਦਿੱਤੀਆਂ ਗਈਆਂ। ਕਾਂਗਰਸ ਦੇ ਐਸ. ਐਸ. ਆਹਲੂਵਾਲੀਆ ਨੇ ਵੀ ਕਿਹਾ ਕਿ ਅਸਲ ਮੂਰਤੀਆਂ ਨੂੰ ਮਸਜਿਦ ਢਾਹੇ ਜਾਣ ਸਮੇਂ ਹਰਦੁਆਰ ਪਹੁੰਚਾਇਆ ਅਤੇ ਇਸੇ ਕਰਕੇ ਰਾਮ ਭਗਤਾਂ ਨੇ ਉਥੇ 'ਨਕਲੀ' ਮੂਰਤੀਆਂ ਰੱਖ ਦਿੱਤੀਆਂ। ਕੇਂਦਰੀ ਸੰਚਾਰ ਮੰਤਰੀ ਸੁਖ ਰਾਮ ਨੇ ਰਾਜ
ਸਭਾ ਵਿੱਚ ਦੱਸਿਆ ਕਿ 1995 ਤੱਕ ਸਾਰੀਆਂ ਪੰਚਾਇਤਾਂ ਨੂੰ ਟੈਲੀਫੋਨ ਕੁਨੈਕਸ਼ਨ ਦੇ ਦਿੱਤੇ ਜਾਣਗੇ। ਉਨ੍ਹਾਂ ਨੇ ਕਿਹਾ ਕਿ ਇਸ ਸਮੇਂ ਦੇ ਅੰਤ ਤੱਕ ਪੇਂਡੂਆਂ ਨੂੰ ਵੀ ਫੋਨ ਕੁਨੈਕਸ਼ਨ ਦੇ ਦਿੱਤੇ ਜਾਣਗੇ। ਪ੍ਰਸ਼ਨ-ਉਤਰ ਕਾਲ ਦੌਰਾਨ ਨੌਨਿਹਾਲ ਸਿੰਘ ਦੇ ਪ੍ਰਸ਼ਨ ਦਾ ਉਤਰ ਦੇ ਰਹੇ ਹਨ। ਉਸ ਨੇ ਕਿਹਾ ਕਿ ਅਗਲੇ ਦੋ ਵਰ੍ਹੇ 75 ਲੱਖ ਲਾਈਨਾਂ ਵਿਛਾਉਣ ਦੀ ਯੋਜਨਾ ਹੈ ਜਿਸ ਨਾਲ ਮੌਜੂਦਾ 30 ਲੱਖ ਫ਼ੋਨਾਂ ਦੀ ਉਡੀਕ ਸੂਚੀ ਨਿਪਟਾਈ ਜਾ ਸਕੇਗੀ। ਉਸ ਨੇ ਦੱਸਿਆ ਕਿ 2,32,054 ਕੁੱਲ ਪੰਚਾਇਤਾਂ 'ਚੋਂ 90 ਹਜ਼ਾਰ ਪੰਚਾਇਤ ਕੋਲ ਪਹਿਲਾਂ ਹੀ ਫੋਨ ਕੁਨੈਕਸ਼ਨ ਹਨ। ਇਸ ਵਰ੍ਹੇ 57 ਹਜ਼ਾਰ ਹੋਰ ਪੰਚਾਇਤਾਂ ਨੂੰ ਫੋਨ ਕੁਨੈਕਸ਼ਨ ਦੇ ਦਿੱਤੇ ਜਾਣਗੇ। ਵਿੱਤ ਮਨਮੋਹਨ ਸਿੰਘ ਨੇ ਕਿਹਾ ਕਿ ਉਸ
ਨੇ ਬੈਂਕਾਂ ਵਿਰੁੱਧ ਸਖ਼ਤ ਕਾਰਵਾਈ ਕੀਤੀ ਜਾਵੇਗੀ ਜੋ ਫੋਰਾ ਦੇ ਨਿਯਮਾਂ ਦਾ ਉਲੰਘਣ ਕਰਦੇ ਹਨ। ਉਸ ਦੱਸਿਆ ਕਿ ਇਨਫੋਰਸਮੈਂਟ ਡਾਇਰੈਕਟੋਰੇਟ ਨੂੰ ਕਈ ਬੈਂਕਾਂ ਦੀ ਸ਼ਿਕਾਇਤ ਮਿਲੀ ਹੈ ਜੋ ਕਿ ਨਿਯਮਾਂ ਦੀ ਪ੍ਰਵਾਹ ਨਹੀਂ ਕਰਦੇ। ਵਿੱਤ ਰਾਜ ਮੰਤਰੀ ਐਮ. ਵੀ. ਚੰਦਰ ਸ਼ੇਖਰ ਨੇ ਰਾਜ ਸਭਾ 'ਚ ਦੱਸਿਆ ਕਿ ਮਹਾਰਾਸ਼ਟਰ ਦੇ ਸਾਬਕਾ ਮੁੱਖ ਮੰਤਰੀ ਸੁਧਾਕਰ ਰਾਓ ਨਾਇਕ ਉਨ੍ਹਾਂ 87 ਸਰਕਾਰੀ ਅਧਿਕਾਰੀਆਂ 'ਚ ਸ਼ਾਮਲ ਹਨ ਜਿਨ੍ਹਾਂ ਨੇ ਕਸਟਮ ਵਿਭਾਗ ਵਲੋਂ ਜ਼ਬਤ ਕੀਤੇ ਗਏ ਮਾਲ ਵਿਚੋਂ ਸਾਮਾਨ ਖ਼ਰੀਦਿਆ। ਉਨ੍ਹਾਂ ਦੱਸਿਆ ਕਿ ਕਸਟਮ ਵਿਭਾਗ ਦੀਆਂ ਬੰਬਈ, ਮਦਰਾਸ, ਦਿੱਲੀ ਤੇ ਕਲਕੱਤਾ 'ਚ 31 ਜਨਵਰੀ, 1993 ਤੱਕ 513 ਅਜਿਹੇ ਹਥਿਆਰ ਮੌਜੂਦ ਸਨ।
